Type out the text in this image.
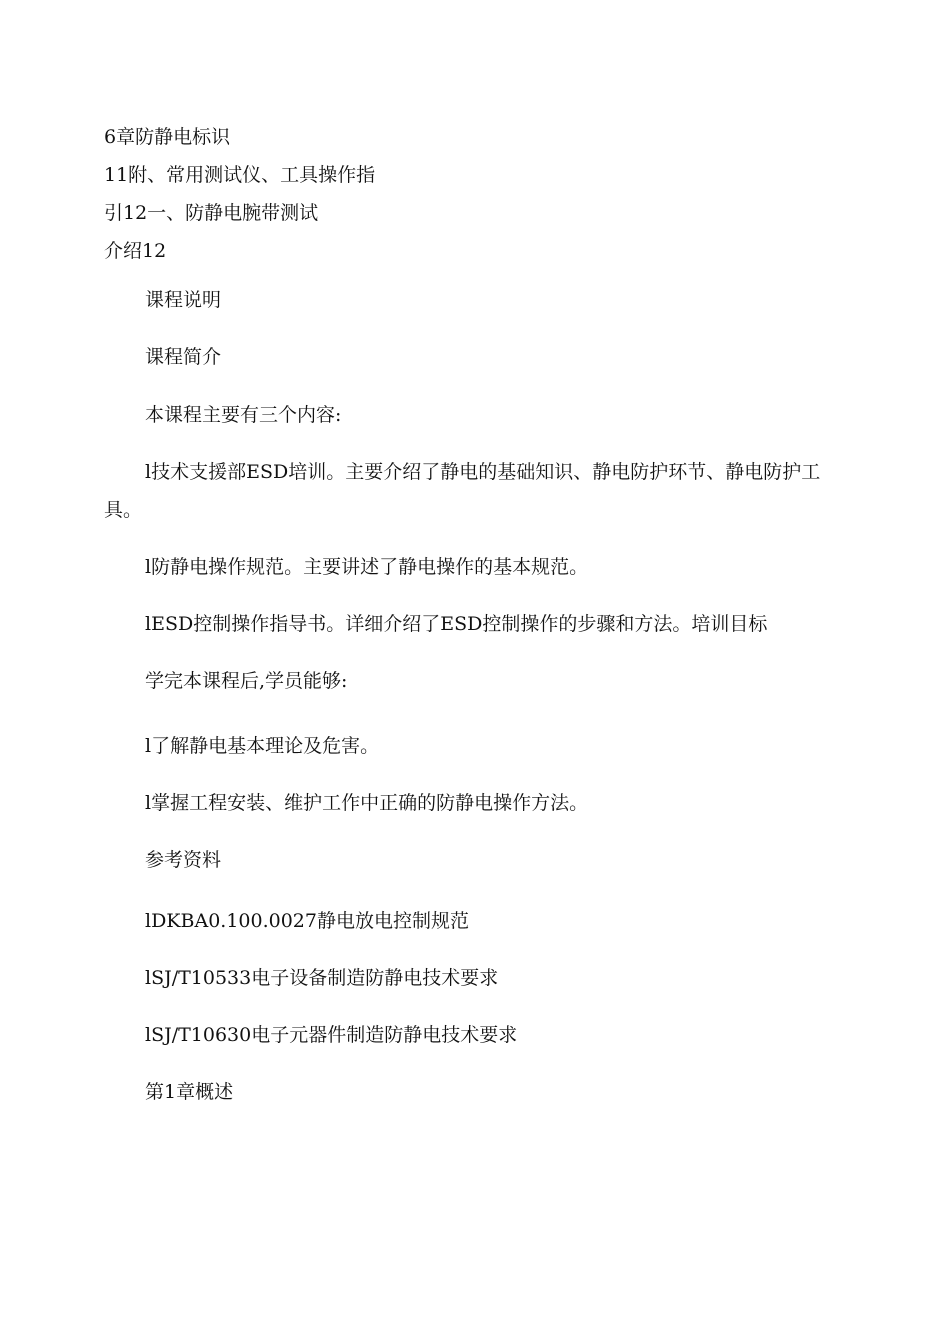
6章防静电标识
11附、常用测试仪、工具操作指
引12一、防静电腕带测试
介绍12

课程说明

课程简介

本课程主要有三个内容:

l技术支援部ESD培训。主要介绍了静电的基础知识、静电防护环节、静电防护工具。

l防静电操作规范。主要讲述了静电操作的基本规范。

lESD控制操作指导书。详细介绍了ESD控制操作的步骤和方法。培训目标

学完本课程后,学员能够:

l了解静电基本理论及危害。

l掌握工程安装、维护工作中正确的防静电操作方法。

参考资料

lDKBA0.100.0027静电放电控制规范

lSJ/T10533电子设备制造防静电技术要求

lSJ/T10630电子元器件制造防静电技术要求

第1章概述
